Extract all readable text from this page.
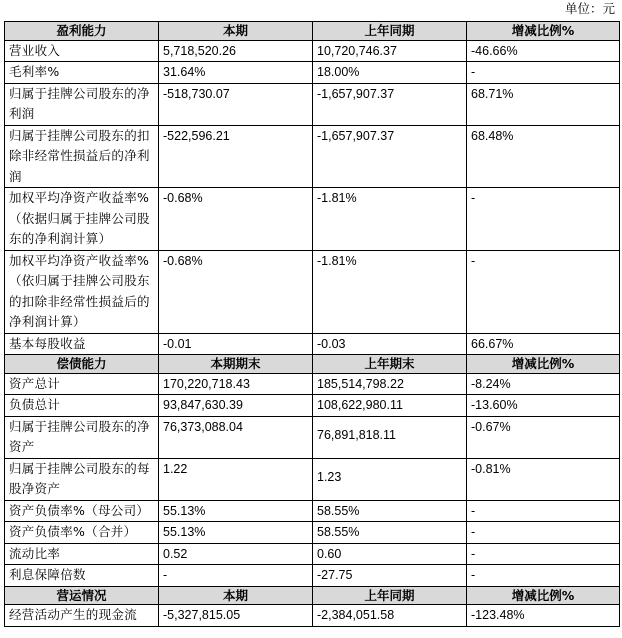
单位：元
盈利能力	本期	上年同期	增减比例%
营业收入	5,718,520.26	10,720,746.37	-46.66%
毛利率%	31.64%	18.00%	-
归属于挂牌公司股东的净利润	-518,730.07	-1,657,907.37	68.71%
归属于挂牌公司股东的扣除非经常性损益后的净利润	-522,596.21	-1,657,907.37	68.48%
加权平均净资产收益率%（依据归属于挂牌公司股东的净利润计算）	-0.68%	-1.81%	-
加权平均净资产收益率%（依归属于挂牌公司股东的扣除非经常性损益后的净利润计算）	-0.68%	-1.81%	-
基本每股收益	-0.01	-0.03	66.67%
偿债能力	本期期末	上年期末	增减比例%
资产总计	170,220,718.43	185,514,798.22	-8.24%
负债总计	93,847,630.39	108,622,980.11	-13.60%
归属于挂牌公司股东的净资产	76,373,088.04	76,891,818.11	-0.67%
归属于挂牌公司股东的每股净资产	1.22	1.23	-0.81%
资产负债率%（母公司）	55.13%	58.55%	-
资产负债率%（合并）	55.13%	58.55%	-
流动比率	0.52	0.60	-
利息保障倍数	-	-27.75	-
营运情况	本期	上年同期	增减比例%
经营活动产生的现金流	-5,327,815.05	-2,384,051.58	-123.48%
